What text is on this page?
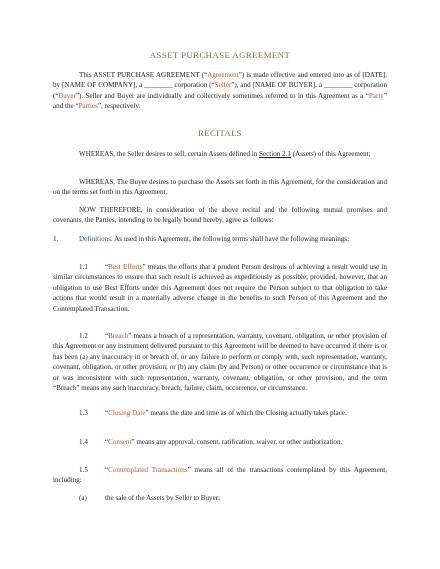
ASSET PURCHASE AGREEMENT

This ASSET PURCHASE AGREEMENT (“Agreement”) is made effective and entered into as of [DATE], by [NAME OF COMPANY], a ________ corporation (“Seller”), and [NAME OF BUYER], a ________ corporation (“Buyer”). Seller and Buyer are individually and collectively sometimes referred to in this Agreement as a “Party” and the “Parties”, respectively.

RECITALS

WHEREAS, the Seller desires to sell, certain Assets defined in Section 2.1 (Assets) of this Agreement;

WHEREAS, The Buyer desires to purchase the Assets set forth in this Agreement, for the consideration and on the terms set forth in this Agreement,

NOW THEREFORE, in consideration of the above recital and the following mutual promises and covenants, the Parties, intending to be legally bound hereby, agree as follows:

1.	Definitions. As used in this Agreement, the following terms shall have the following meanings:

1.1 “Best Efforts” means the efforts that a prudent Person desirous of achieving a result would use in similar circumstances to ensure that such result is achieved as expeditiously as possible; provided, however, that an obligation to use Best Efforts under this Agreement does not require the Person subject to that obligation to take actions that would result in a materially adverse change in the benefits to such Person of this Agreement and the Contemplated Transaction.

1.2 “Breach” means a breach of a representation, warranty, covenant, obligation, or other provision of this Agreement or any instrument delivered pursuant to this Agreement will be deemed to have occurred if there is or has been (a) any inaccuracy in or breach of, or any failure to perform or comply with, such representation, warranty, covenant, obligation, or other provision, or (b) any claim (by and Person) or other occurrence or circumstance that is or was inconsistent with such representation, warranty, covenant, obligation, or other provision, and the term “Breach” means any such inaccuracy, breach, failure, claim, occurrence, or circumstance.

1.3 “Closing Date” means the date and time as of which the Closing actually takes place.

1.4 “Consent” means any approval, consent, ratification, waiver, or other authorization.

1.5 “Contemplated Transactions” means all of the transactions contemplated by this Agreement, including:

(a)	the sale of the Assets by Seller to Buyer;
